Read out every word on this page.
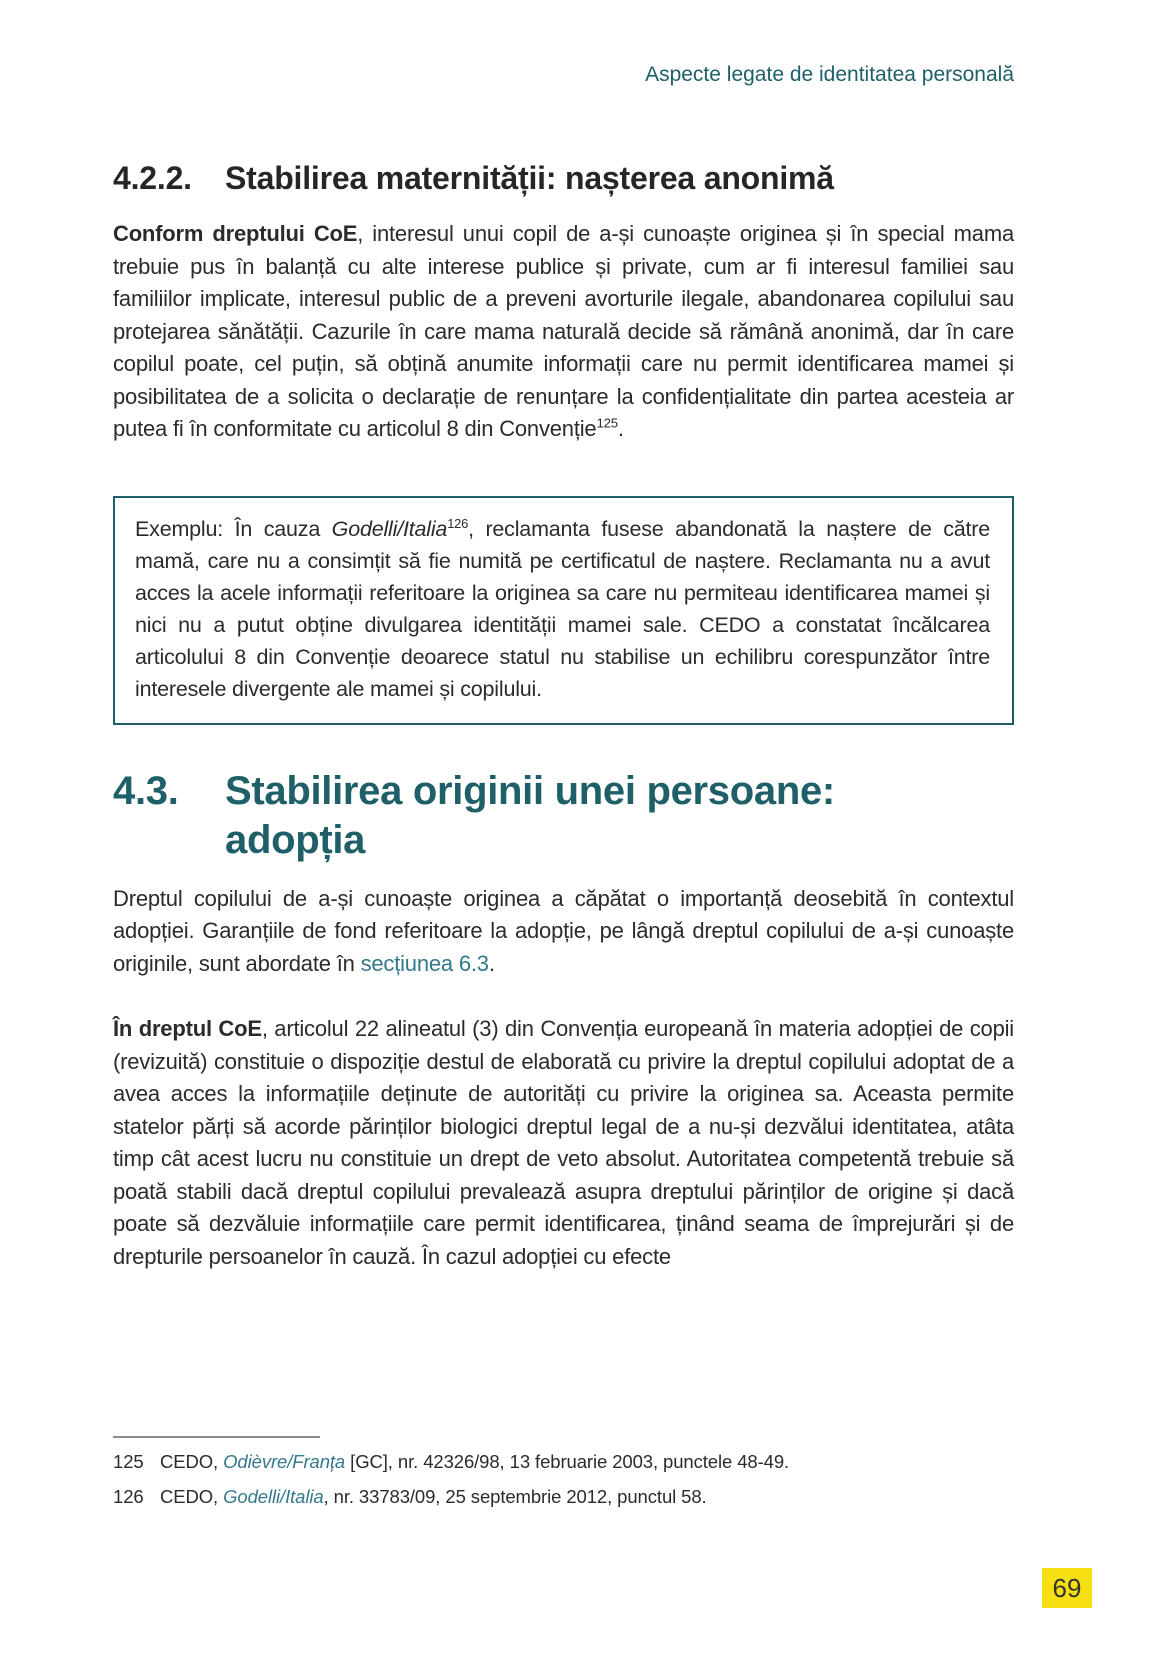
Aspecte legate de identitatea personală
4.2.2.	Stabilirea maternității: nașterea anonimă

Conform dreptului CoE, interesul unui copil de a-și cunoaște originea și în special mama trebuie pus în balanță cu alte interese publice și private, cum ar fi interesul familiei sau familiilor implicate, interesul public de a preveni avorturile ilegale, abandonarea copilului sau protejarea sănătății. Cazurile în care mama naturală decide să rămână anonimă, dar în care copilul poate, cel puțin, să obțină anumite informații care nu permit identificarea mamei și posibilitatea de a solicita o declarație de renunțare la confidențialitate din partea acesteia ar putea fi în conformitate cu articolul 8 din Convenție$^{125}$.

Exemplu: În cauza Godelli/Italia$^{126}$, reclamanta fusese abandonată la naștere de către mamă, care nu a consimțit să fie numită pe certificatul de naștere. Reclamanta nu a avut acces la acele informații referitoare la originea sa care nu permiteau identificarea mamei și nici nu a putut obține divulgarea identității mamei sale. CEDO a constatat încălcarea articolului 8 din Convenție deoarece statul nu stabilise un echilibru corespunzător între interesele divergente ale mamei și copilului.

4.3.	Stabilirea originii unei persoane:
adopția

Dreptul copilului de a-și cunoaște originea a căpătat o importanță deosebită în contextul adopției. Garanțiile de fond referitoare la adopție, pe lângă dreptul copilului de a-și cunoaște originile, sunt abordate în secțiunea 6.3.

În dreptul CoE, articolul 22 alineatul (3) din Convenția europeană în materia adopției de copii (revizuită) constituie o dispoziție destul de elaborată cu privire la dreptul copilului adoptat de a avea acces la informațiile deținute de autorități cu privire la originea sa. Aceasta permite statelor părți să acorde părinților biologici dreptul legal de a nu-și dezvălui identitatea, atâta timp cât acest lucru nu constituie un drept de veto absolut. Autoritatea competentă trebuie să poată stabili dacă dreptul copilului prevalează asupra dreptului părinților de origine și dacă poate să dezvăluie informațiile care permit identificarea, ținând seama de împrejurări și de drepturile persoanelor în cauză. În cazul adopției cu efecte

125 CEDO, Odièvre/Franța [GC], nr. 42326/98, 13 februarie 2003, punctele 48-49.
126 CEDO, Godelli/Italia, nr. 33783/09, 25 septembrie 2012, punctul 58.
69
